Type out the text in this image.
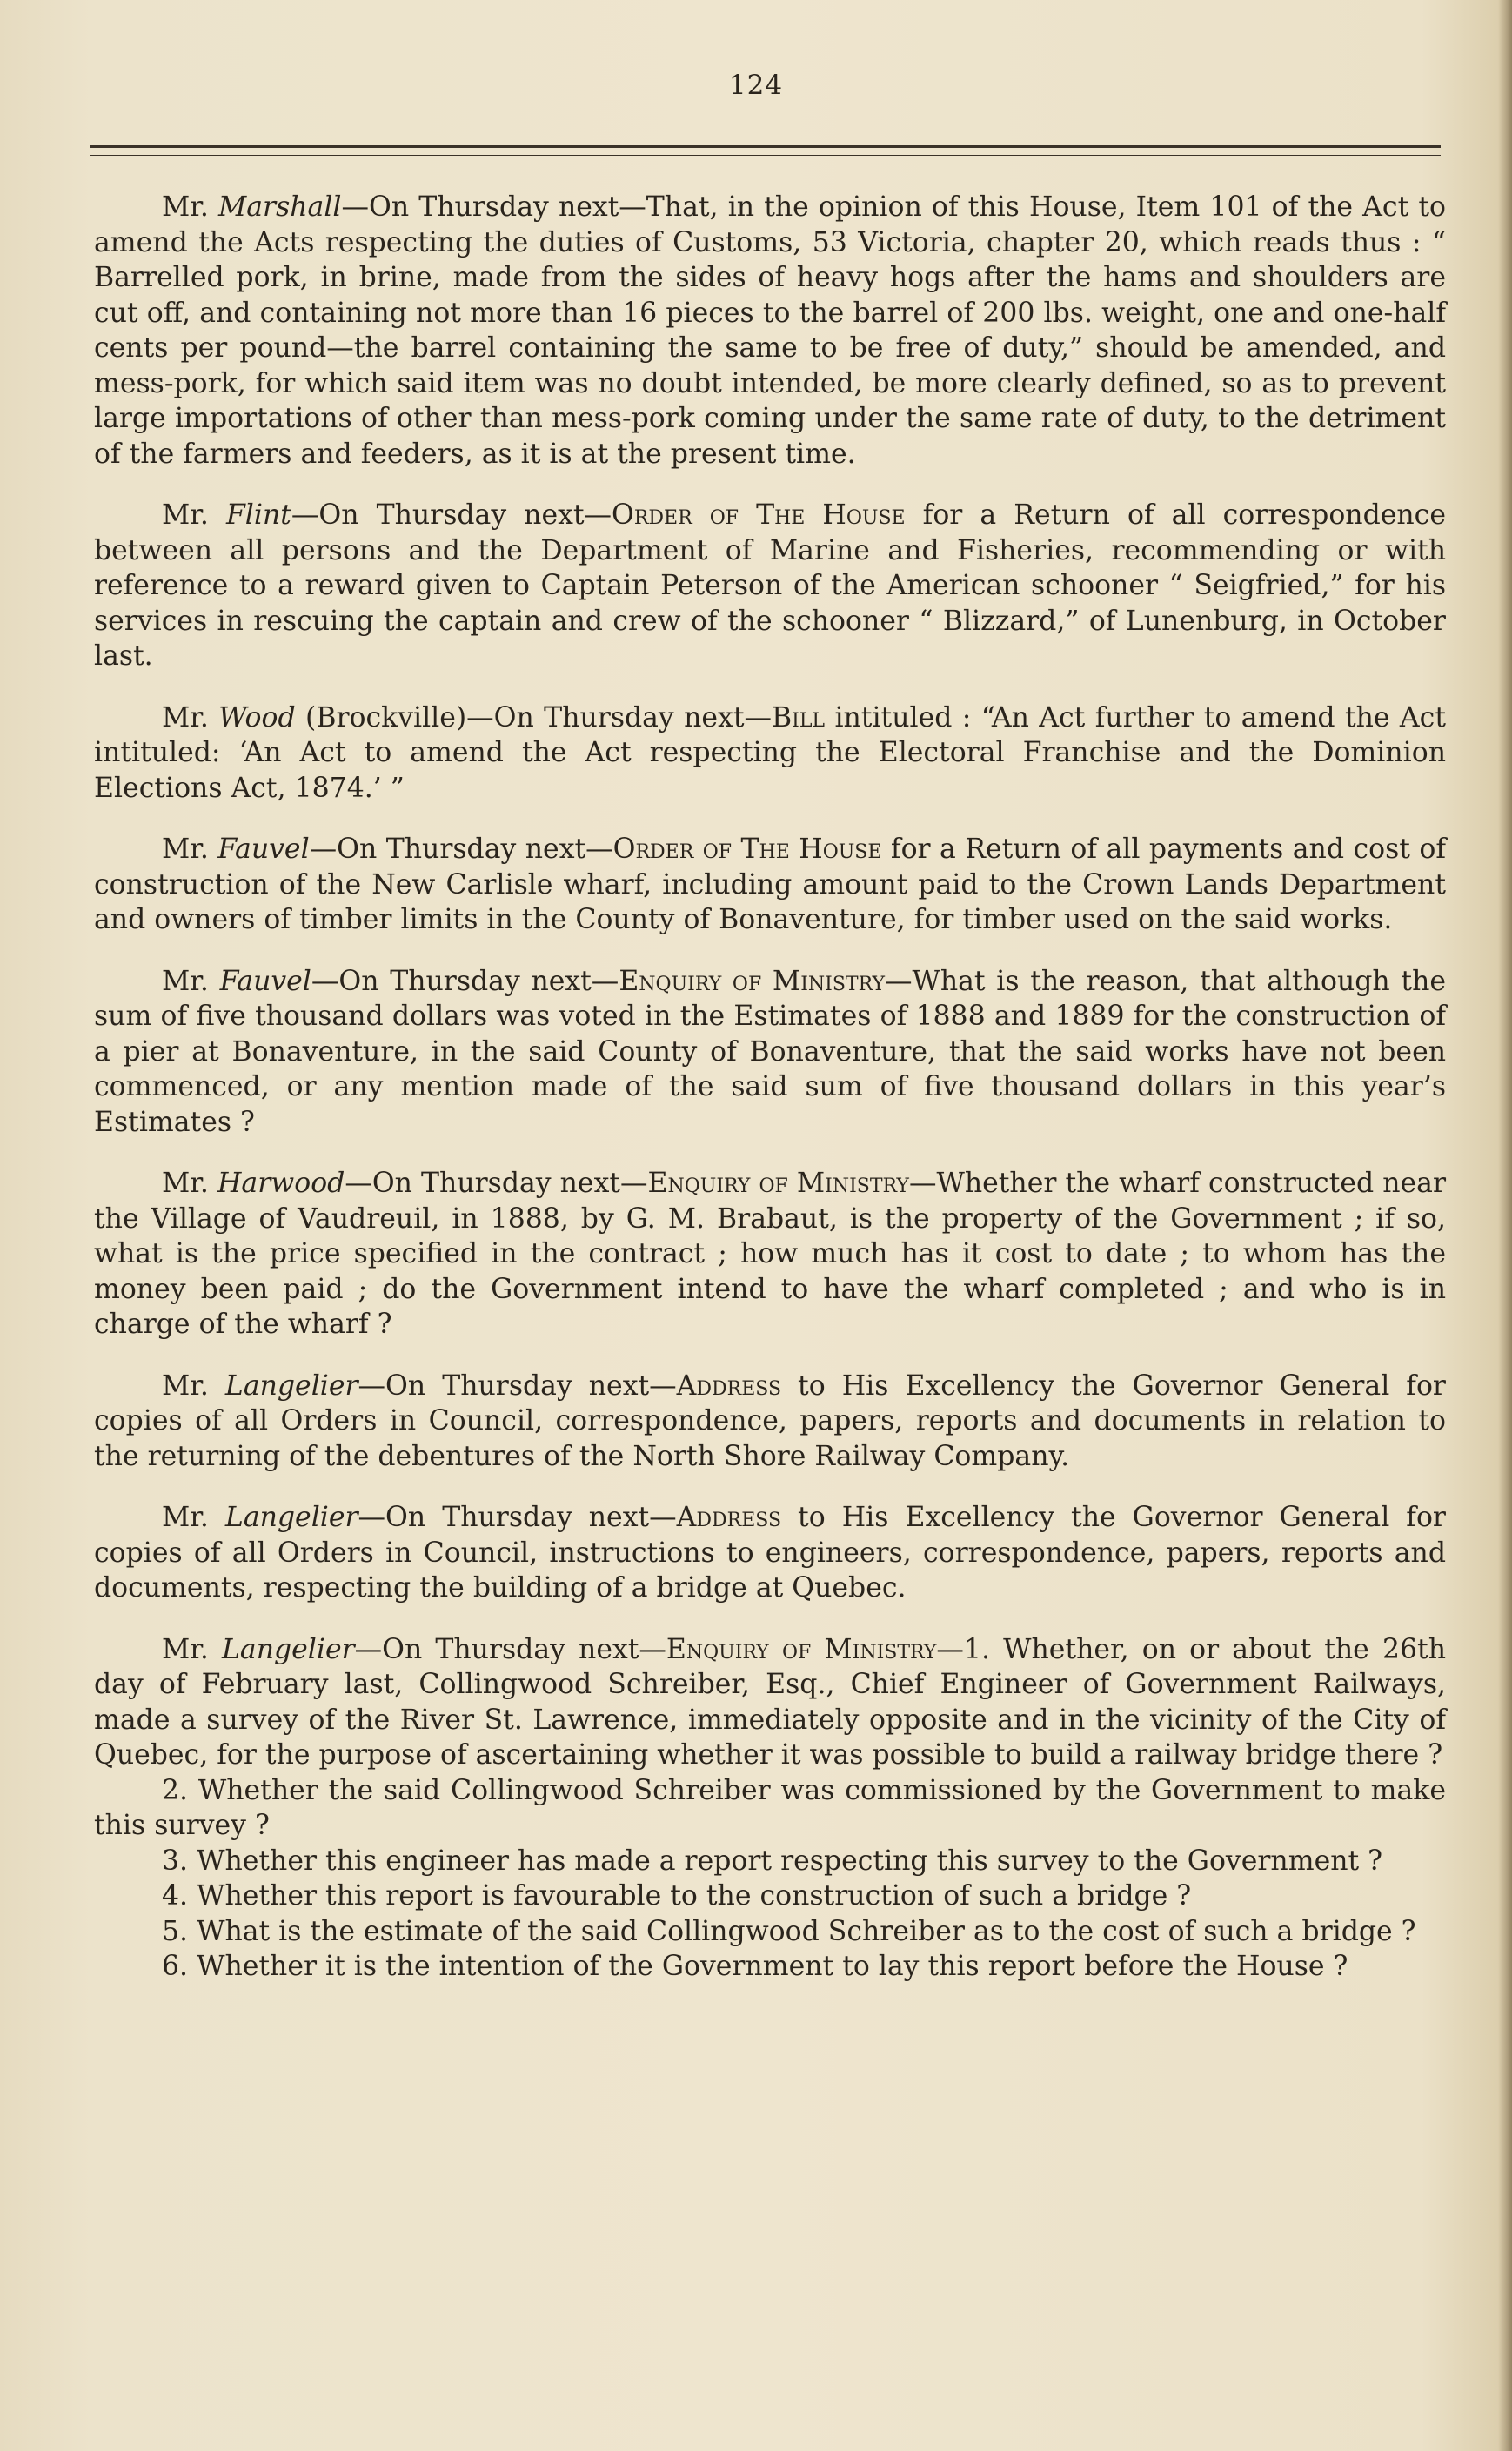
124

Mr. Marshall—On Thursday next—That, in the opinion of this House, Item 101 of the Act to amend the Acts respecting the duties of Customs, 53 Victoria, chapter 20, which reads thus : “ Barrelled pork, in brine, made from the sides of heavy hogs after the hams and shoulders are cut off, and containing not more than 16 pieces to the barrel of 200 lbs. weight, one and one-half cents per pound—the barrel containing the same to be free of duty,” should be amended, and mess-pork, for which said item was no doubt intended, be more clearly defined, so as to prevent large importations of other than mess-pork coming under the same rate of duty, to the detriment of the farmers and feeders, as it is at the present time.

Mr. Flint—On Thursday next—Order of The House for a Return of all correspondence between all persons and the Department of Marine and Fisheries, recommending or with reference to a reward given to Captain Peterson of the American schooner “ Seigfried,” for his services in rescuing the captain and crew of the schooner “ Blizzard,” of Lunenburg, in October last.

Mr. Wood (Brockville)—On Thursday next—Bill intituled : “An Act further to amend the Act intituled: ‘An Act to amend the Act respecting the Electoral Franchise and the Dominion Elections Act, 1874.’ ”

Mr. Fauvel—On Thursday next—Order of The House for a Return of all payments and cost of construction of the New Carlisle wharf, including amount paid to the Crown Lands Department and owners of timber limits in the County of Bonaventure, for timber used on the said works.

Mr. Fauvel—On Thursday next—Enquiry of Ministry—What is the reason, that although the sum of five thousand dollars was voted in the Estimates of 1888 and 1889 for the construction of a pier at Bonaventure, in the said County of Bonaventure, that the said works have not been commenced, or any mention made of the said sum of five thousand dollars in this year’s Estimates ?

Mr. Harwood—On Thursday next—Enquiry of Ministry—Whether the wharf constructed near the Village of Vaudreuil, in 1888, by G. M. Brabaut, is the property of the Government ; if so, what is the price specified in the contract ; how much has it cost to date ; to whom has the money been paid ; do the Government intend to have the wharf completed ; and who is in charge of the wharf ?

Mr. Langelier—On Thursday next—Address to His Excellency the Governor General for copies of all Orders in Council, correspondence, papers, reports and documents in relation to the returning of the debentures of the North Shore Railway Company.

Mr. Langelier—On Thursday next—Address to His Excellency the Governor General for copies of all Orders in Council, instructions to engineers, correspondence, papers, reports and documents, respecting the building of a bridge at Quebec.

Mr. Langelier—On Thursday next—Enquiry of Ministry—1. Whether, on or about the 26th day of February last, Collingwood Schreiber, Esq., Chief Engineer of Government Railways, made a survey of the River St. Lawrence, immediately opposite and in the vicinity of the City of Quebec, for the purpose of ascertaining whether it was possible to build a railway bridge there ?

2. Whether the said Collingwood Schreiber was commissioned by the Government to make this survey ?

3. Whether this engineer has made a report respecting this survey to the Government ?

4. Whether this report is favourable to the construction of such a bridge ?

5. What is the estimate of the said Collingwood Schreiber as to the cost of such a bridge ?

6. Whether it is the intention of the Government to lay this report before the House ?
